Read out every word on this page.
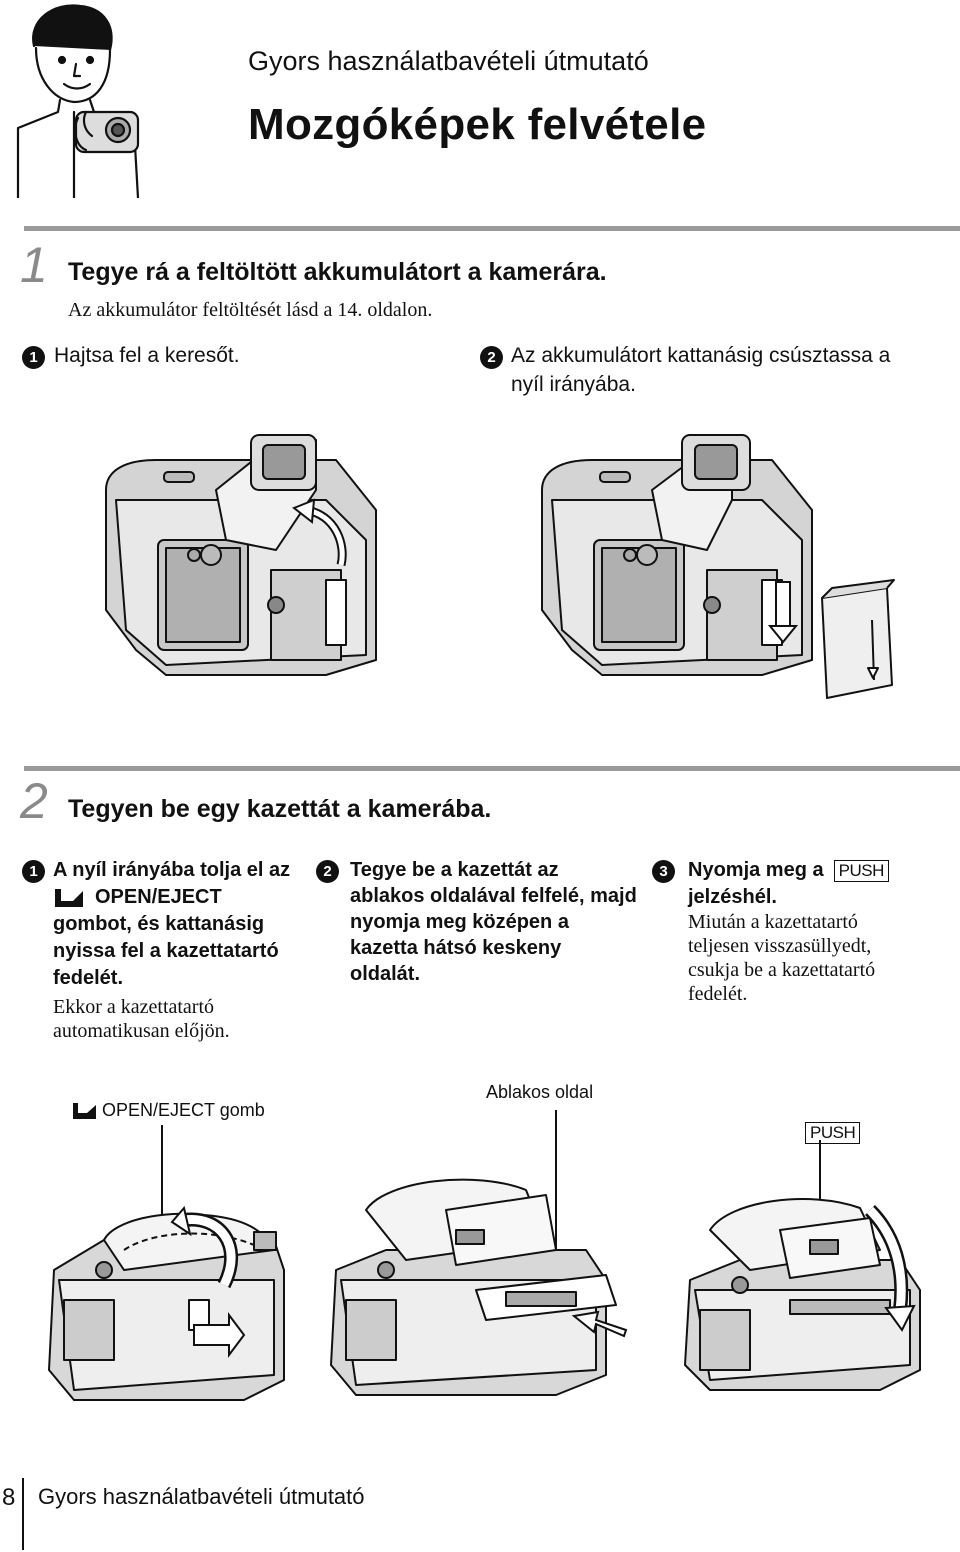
Gyors használatbavételi útmutató
Mozgóképek felvétele
1 Tegye rá a feltöltött akkumulátort a kamerára.
Az akkumulátor feltöltését lásd a 14. oldalon.
1 Hajtsa fel a keresőt.	2 Az akkumulátort kattanásig csúsztassa a
nyíl irányába.
2 Tegyen be egy kazettát a kamerába.
1 A nyíl irányába tolja el az
OPEN/EJECT
gombot, és kattanásig
nyissa fel a kazettatartó
fedelét.
Ekkor a kazettatartó
automatikusan előjön.
2 Tegye be a kazettát az
ablakos oldalával felfelé, majd
nyomja meg középen a
kazetta hátsó keskeny
oldalát.
3	Nyomja meg a PUSH
jelzéshél.
Miután a kazettatartó
teljesen visszasüllyedt,
csukja be a kazettatartó
fedelét.
OPEN/EJECT gomb
Ablakos oldal
PUSH
8 Gyors használatbavételi útmutató
